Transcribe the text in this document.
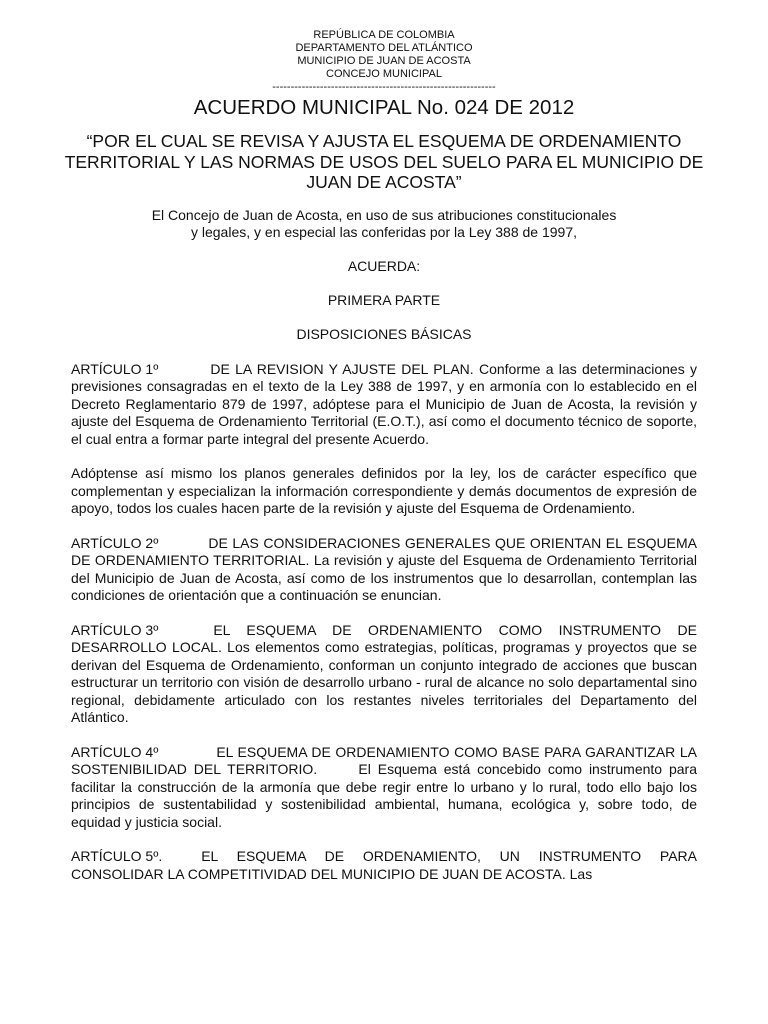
REPÚBLICA DE COLOMBIA
DEPARTAMENTO DEL ATLÁNTICO
MUNICIPIO DE JUAN DE ACOSTA
CONCEJO MUNICIPAL
-------------------------------------------------------------
ACUERDO MUNICIPAL No. 024 DE 2012
“POR EL CUAL SE REVISA Y AJUSTA EL ESQUEMA DE ORDENAMIENTO TERRITORIAL Y LAS NORMAS DE USOS DEL SUELO PARA EL MUNICIPIO DE JUAN DE ACOSTA”
El Concejo de Juan de Acosta, en uso de sus atribuciones constitucionales
y legales, y en especial las conferidas por la Ley 388 de 1997,
ACUERDA:
PRIMERA PARTE
DISPOSICIONES BÁSICAS

ARTÍCULO 1º	DE LA REVISION Y AJUSTE DEL PLAN. Conforme a las determinaciones y previsiones consagradas en el texto de la Ley 388 de 1997, y en armonía con lo establecido en el Decreto Reglamentario 879 de 1997, adóptese para el Municipio de Juan de Acosta, la revisión y ajuste del Esquema de Ordenamiento Territorial (E.O.T.), así como el documento técnico de soporte, el cual entra a formar parte integral del presente Acuerdo.

Adóptense así mismo los planos generales definidos por la ley, los de carácter específico que complementan y especializan la información correspondiente y demás documentos de expresión de apoyo, todos los cuales hacen parte de la revisión y ajuste del Esquema de Ordenamiento.

ARTÍCULO 2º	DE LAS CONSIDERACIONES GENERALES QUE ORIENTAN EL ESQUEMA DE ORDENAMIENTO TERRITORIAL. La revisión y ajuste del Esquema de Ordenamiento Territorial del Municipio de Juan de Acosta, así como de los instrumentos que lo desarrollan, contemplan las condiciones de orientación que a continuación se enuncian.

ARTÍCULO 3º	EL ESQUEMA DE ORDENAMIENTO COMO INSTRUMENTO DE DESARROLLO LOCAL. Los elementos como estrategias, políticas, programas y proyectos que se derivan del Esquema de Ordenamiento, conforman un conjunto integrado de acciones que buscan estructurar un territorio con visión de desarrollo urbano - rural de alcance no solo departamental sino regional, debidamente articulado con los restantes niveles territoriales del Departamento del Atlántico.

ARTÍCULO 4º	EL ESQUEMA DE ORDENAMIENTO COMO BASE PARA GARANTIZAR LA SOSTENIBILIDAD DEL TERRITORIO.      El Esquema está concebido como instrumento para facilitar la construcción de la armonía que debe regir entre lo urbano y lo rural, todo ello bajo los principios de sustentabilidad y sostenibilidad ambiental, humana, ecológica y, sobre todo, de equidad y justicia social.

ARTÍCULO 5º.	EL ESQUEMA DE ORDENAMIENTO, UN INSTRUMENTO PARA CONSOLIDAR LA COMPETITIVIDAD DEL MUNICIPIO DE JUAN DE ACOSTA. Las
